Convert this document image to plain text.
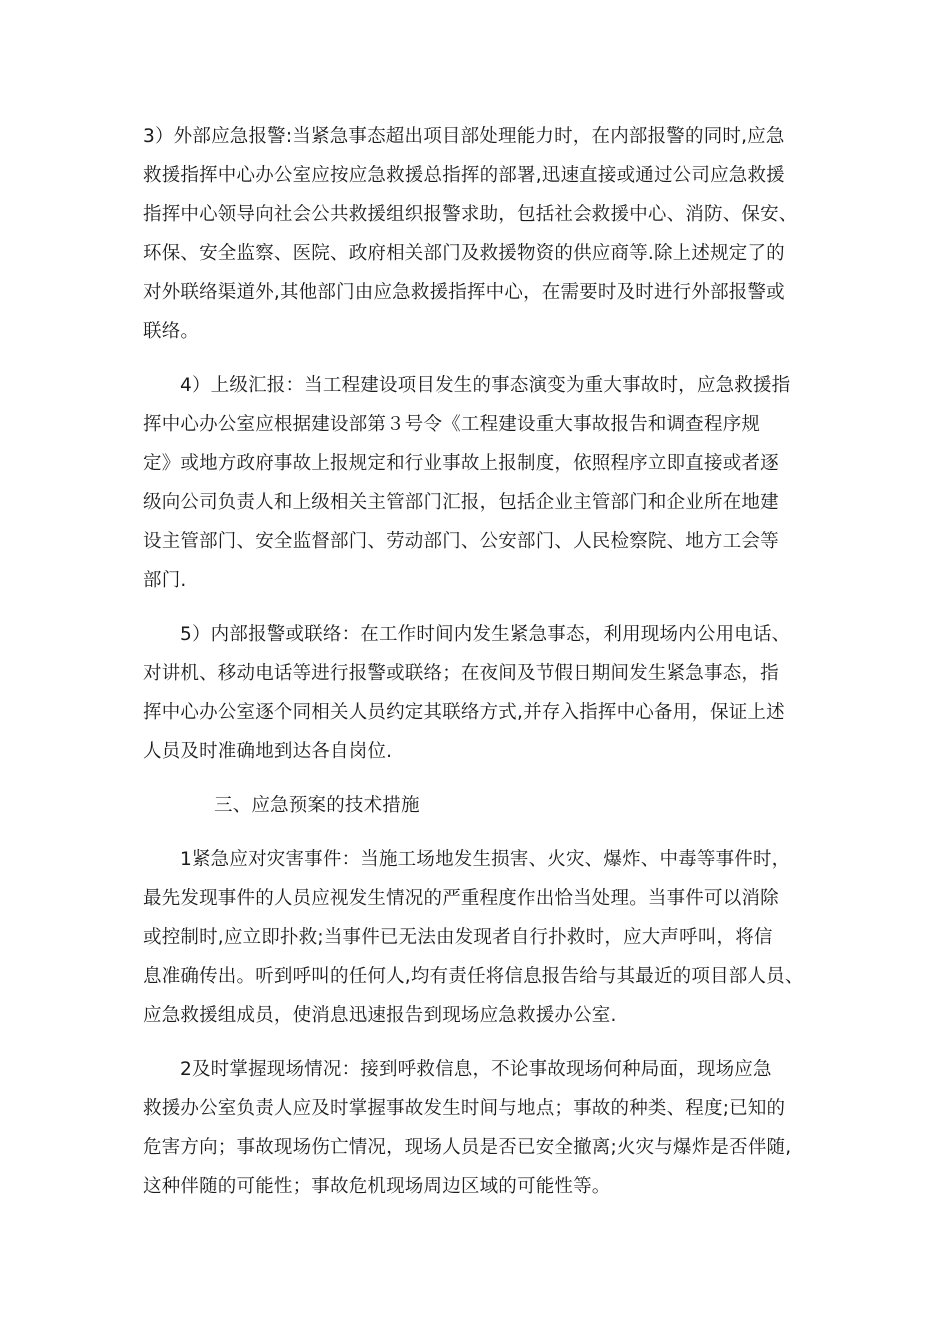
3）外部应急报警:当紧急事态超出项目部处理能力时，在内部报警的同时,应急
救援指挥中心办公室应按应急救援总指挥的部署,迅速直接或通过公司应急救援
指挥中心领导向社会公共救援组织报警求助，包括社会救援中心、消防、保安、
环保、安全监察、医院、政府相关部门及救援物资的供应商等.除上述规定了的
对外联络渠道外,其他部门由应急救援指挥中心，在需要时及时进行外部报警或
联络。
4）上级汇报：当工程建设项目发生的事态演变为重大事故时，应急救援指
挥中心办公室应根据建设部第３号令《工程建设重大事故报告和调查程序规
定》或地方政府事故上报规定和行业事故上报制度，依照程序立即直接或者逐
级向公司负责人和上级相关主管部门汇报，包括企业主管部门和企业所在地建
设主管部门、安全监督部门、劳动部门、公安部门、人民检察院、地方工会等
部门.
5）内部报警或联络：在工作时间内发生紧急事态，利用现场内公用电话、
对讲机、移动电话等进行报警或联络；在夜间及节假日期间发生紧急事态，指
挥中心办公室逐个同相关人员约定其联络方式,并存入指挥中心备用，保证上述
人员及时准确地到达各自岗位.
三、应急预案的技术措施
1紧急应对灾害事件：当施工场地发生损害、火灾、爆炸、中毒等事件时，
最先发现事件的人员应视发生情况的严重程度作出恰当处理。当事件可以消除
或控制时,应立即扑救;当事件已无法由发现者自行扑救时，应大声呼叫，将信
息准确传出。听到呼叫的任何人,均有责任将信息报告给与其最近的项目部人员、
应急救援组成员，使消息迅速报告到现场应急救援办公室.
2及时掌握现场情况：接到呼救信息，不论事故现场何种局面，现场应急
救援办公室负责人应及时掌握事故发生时间与地点；事故的种类、程度;已知的
危害方向；事故现场伤亡情况，现场人员是否已安全撤离;火灾与爆炸是否伴随,
这种伴随的可能性；事故危机现场周边区域的可能性等。
